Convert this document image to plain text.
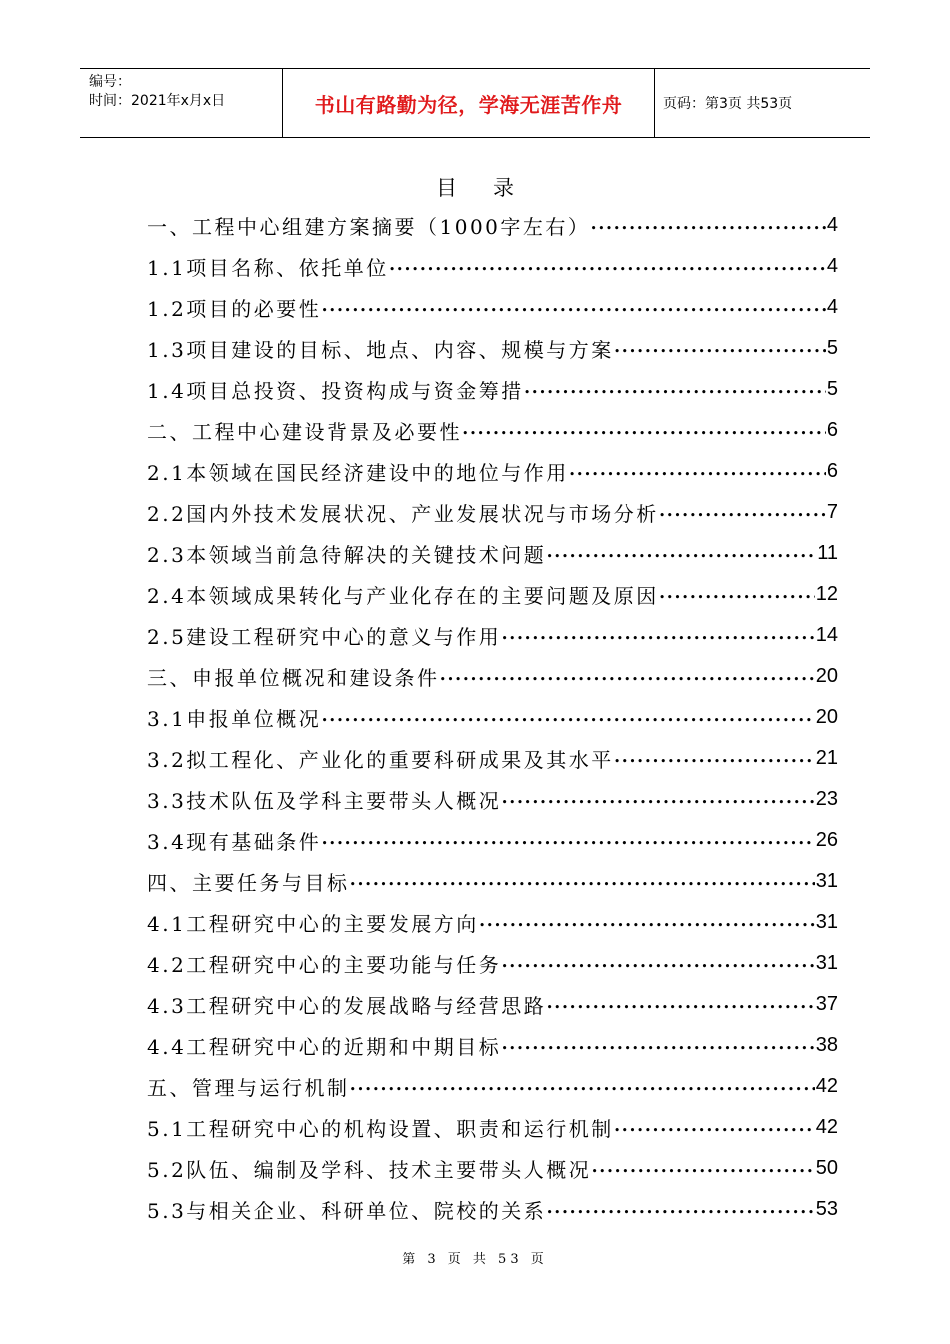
编号：
时间：2021年x月x日	书山有路勤为径，学海无涯苦作舟	页码：第3页 共53页
目录
一、工程中心组建方案摘要（1000字左右） •••••	4
1.1项目名称、依托单位 •••••	4
1.2项目的必要性 •••••	4
1.3项目建设的目标、地点、内容、规模与方案 •••••	5
1.4项目总投资、投资构成与资金筹措 •••••	5
二、工程中心建设背景及必要性 •••••	6
2.1本领域在国民经济建设中的地位与作用 •••••	6
2.2国内外技术发展状况、产业发展状况与市场分析 •••••	7
2.3本领域当前急待解决的关键技术问题 •••••	11
2.4本领域成果转化与产业化存在的主要问题及原因 •••••	12
2.5建设工程研究中心的意义与作用 •••••	14
三、申报单位概况和建设条件 •••••	20
3.1申报单位概况 •••••	20
3.2拟工程化、产业化的重要科研成果及其水平 •••••	21
3.3技术队伍及学科主要带头人概况 •••••	23
3.4现有基础条件 •••••	26
四、主要任务与目标 •••••	31
4.1工程研究中心的主要发展方向 •••••	31
4.2工程研究中心的主要功能与任务 •••••	31
4.3工程研究中心的发展战略与经营思路 •••••	37
4.4工程研究中心的近期和中期目标 •••••	38
五、管理与运行机制 •••••	42
5.1工程研究中心的机构设置、职责和运行机制 •••••	42
5.2队伍、编制及学科、技术主要带头人概况 •••••	50
5.3与相关企业、科研单位、院校的关系 •••••	53
第 3 页 共 53 页
